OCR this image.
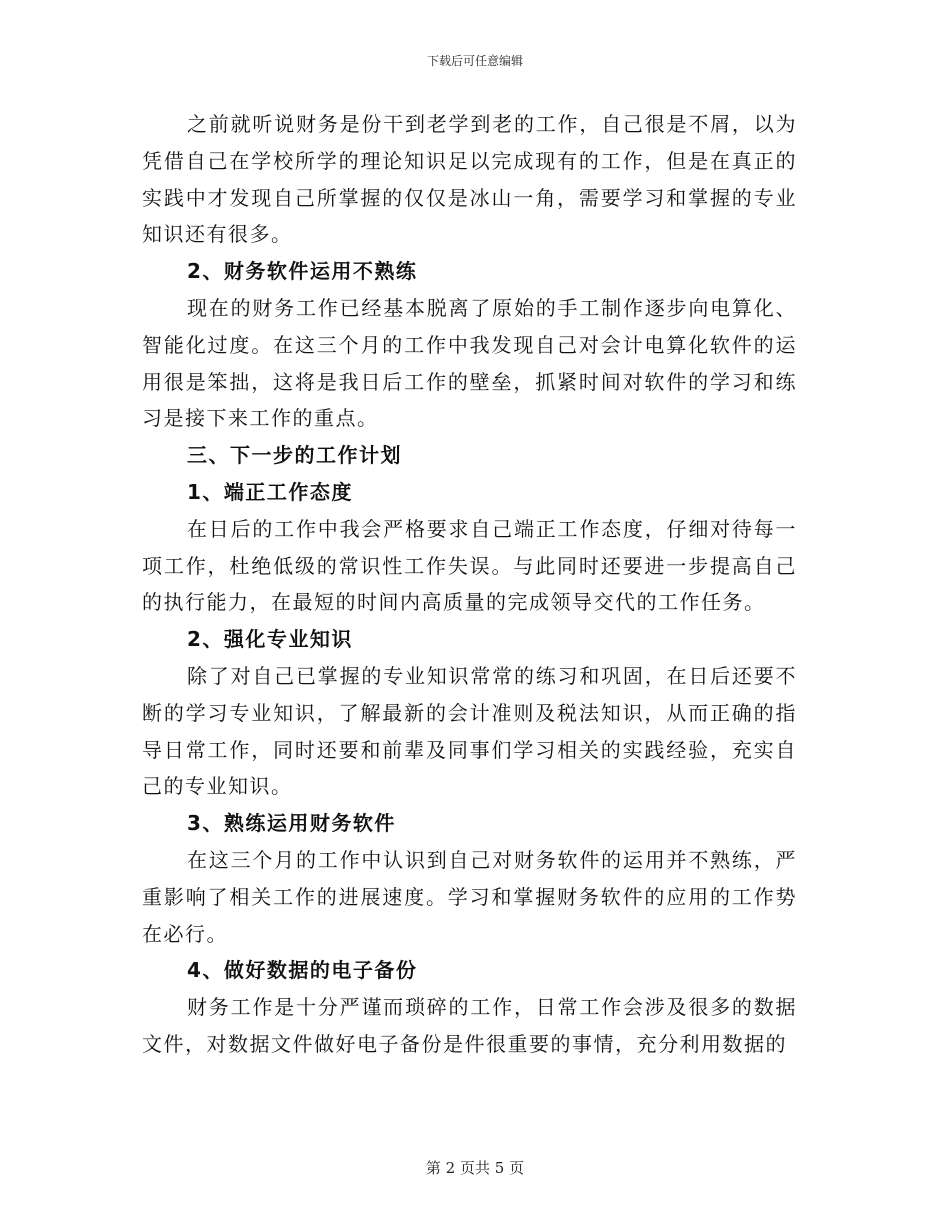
下载后可任意编辑

之前就听说财务是份干到老学到老的工作，自己很是不屑，以为凭借自己在学校所学的理论知识足以完成现有的工作，但是在真正的实践中才发现自己所掌握的仅仅是冰山一角，需要学习和掌握的专业知识还有很多。

2、财务软件运用不熟练

现在的财务工作已经基本脱离了原始的手工制作逐步向电算化、智能化过度。在这三个月的工作中我发现自己对会计电算化软件的运用很是笨拙，这将是我日后工作的壁垒，抓紧时间对软件的学习和练习是接下来工作的重点。

三、下一步的工作计划

1、端正工作态度

在日后的工作中我会严格要求自己端正工作态度，仔细对待每一项工作，杜绝低级的常识性工作失误。与此同时还要进一步提高自己的执行能力，在最短的时间内高质量的完成领导交代的工作任务。

2、强化专业知识

除了对自己已掌握的专业知识常常的练习和巩固，在日后还要不断的学习专业知识，了解最新的会计准则及税法知识，从而正确的指导日常工作，同时还要和前辈及同事们学习相关的实践经验，充实自己的专业知识。

3、熟练运用财务软件

在这三个月的工作中认识到自己对财务软件的运用并不熟练，严重影响了相关工作的进展速度。学习和掌握财务软件的应用的工作势在必行。

4、做好数据的电子备份

财务工作是十分严谨而琐碎的工作，日常工作会涉及很多的数据文件，对数据文件做好电子备份是件很重要的事情，充分利用数据的

第 2 页共 5 页
